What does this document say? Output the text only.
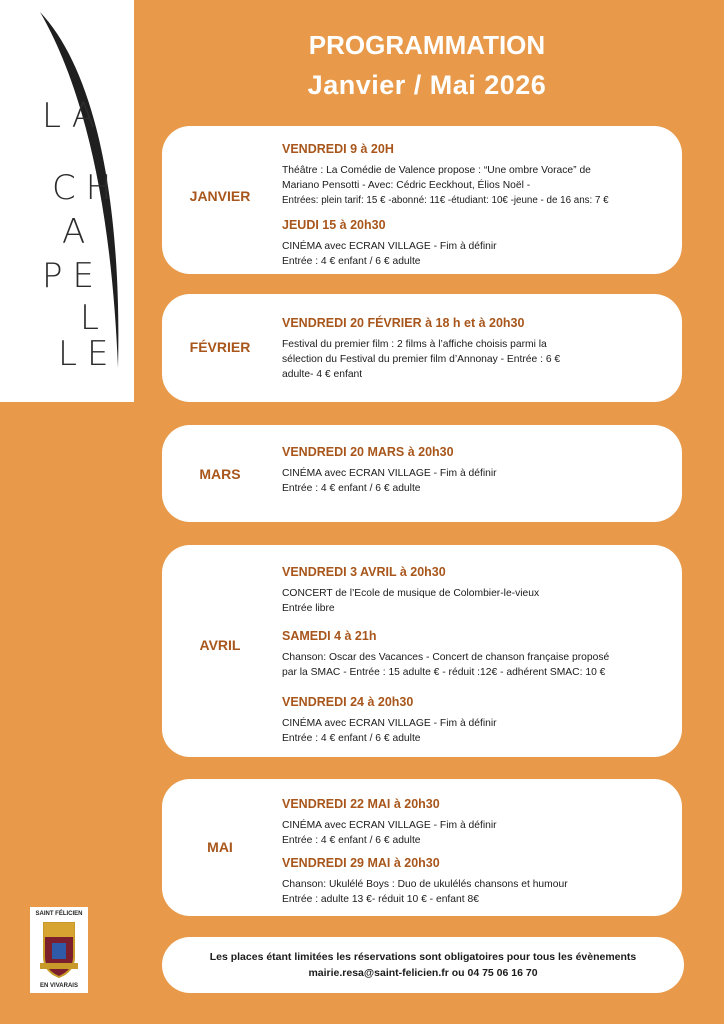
LA
CH
A
PE
L
LE
PROGRAMMATION
Janvier / Mai 2026
JANVIER
VENDREDI 9 à 20H
Théâtre : La Comédie de Valence propose : “Une ombre Vorace” de
Mariano Pensotti - Avec: Cédric Eeckhout, Élios Noël -
Entrées: plein tarif: 15 € -abonné: 11€ -étudiant: 10€ -jeune - de 16 ans: 7 €
JEUDI 15 à 20h30
CINÉMA avec ECRAN VILLAGE - Fim à définir
Entrée : 4 € enfant / 6 € adulte
FÉVRIER
VENDREDI 20 FÉVRIER à 18 h et à 20h30
Festival du premier film : 2 films à l’affiche choisis parmi la
sélection du Festival du premier film d’Annonay - Entrée : 6 €
adulte- 4 € enfant
MARS
VENDREDI 20 MARS à 20h30
CINÉMA avec ECRAN VILLAGE - Fim à définir
Entrée : 4 € enfant / 6 € adulte
AVRIL
VENDREDI 3 AVRIL à 20h30
CONCERT de l’Ecole de musique de Colombier-le-vieux
Entrée libre
SAMEDI 4 à 21h
Chanson: Oscar des Vacances - Concert de chanson française proposé
par la SMAC - Entrée : 15 adulte € - réduit :12€ - adhérent SMAC: 10 €
VENDREDI 24 à 20h30
CINÉMA avec ECRAN VILLAGE - Fim à définir
Entrée : 4 € enfant / 6 € adulte
MAI
VENDREDI 22 MAI à 20h30
CINÉMA avec ECRAN VILLAGE - Fim à définir
Entrée : 4 € enfant / 6 € adulte
VENDREDI 29 MAI à 20h30
Chanson: Ukulélé Boys : Duo de ukulélés chansons et humour
Entrée : adulte 13 €- réduit 10 € - enfant 8€
SAINT FÉLICIEN
EN VIVARAIS
Les places étant limitées les réservations sont obligatoires pour tous les évènements
mairie.resa@saint-felicien.fr ou 04 75 06 16 70
